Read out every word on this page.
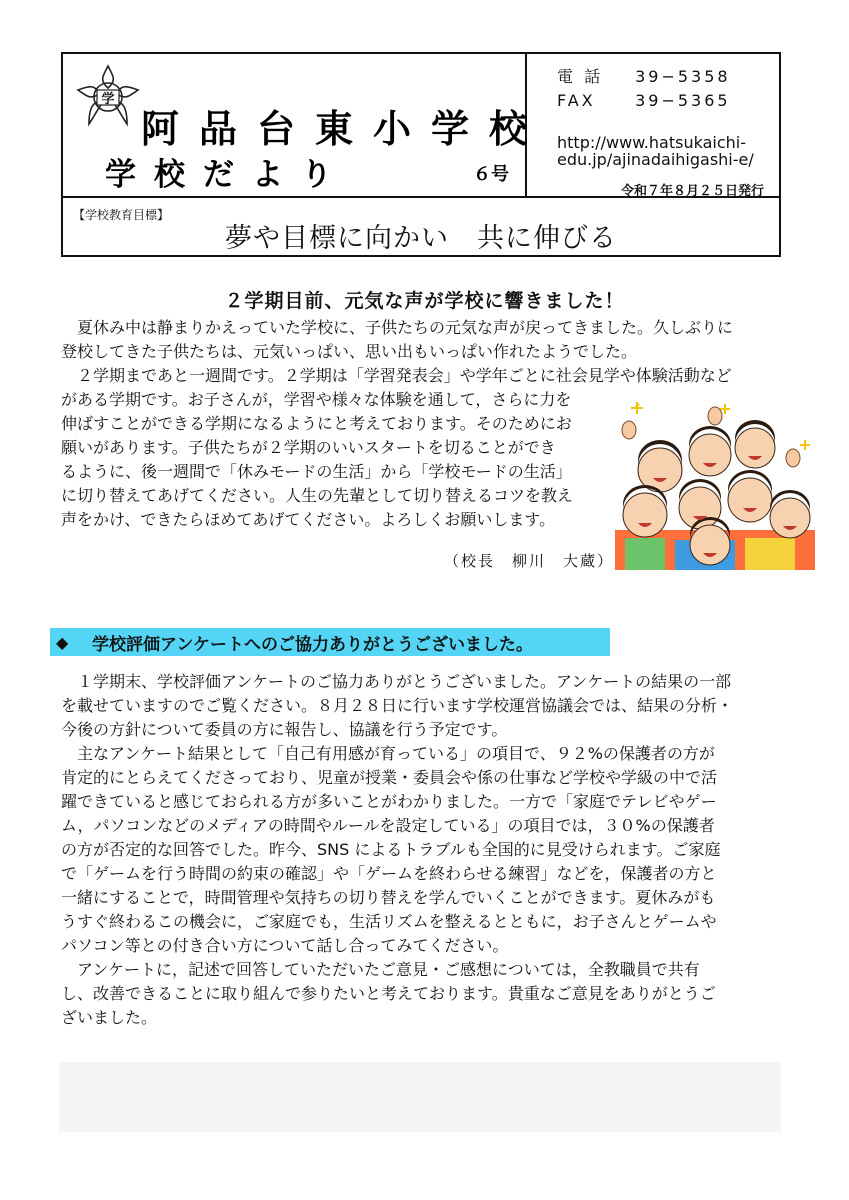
学
阿品台東小学校
学校だより	６号
電 話 39−5358
FAX 39−5365
http://www.hatsukaichi-
edu.jp/ajinadaihigashi-e/
令和７年８月２５日発行
【学校教育目標】
夢や目標に向かい　共に伸びる
２学期目前、元気な声が学校に響きました！
　夏休み中は静まりかえっていた学校に、子供たちの元気な声が戻ってきました。久しぶりに
登校してきた子供たちは、元気いっぱい、思い出もいっぱい作れたようでした。
　２学期まであと一週間です。２学期は「学習発表会」や学年ごとに社会見学や体験活動など
がある学期です。お子さんが，学習や様々な体験を通して，さらに力を
伸ばすことができる学期になるようにと考えております。そのためにお
願いがあります。子供たちが２学期のいいスタートを切ることができ
るように、後一週間で「休みモードの生活」から「学校モードの生活」
に切り替えてあげてください。人生の先輩として切り替えるコツを教え
声をかけ、できたらほめてあげてください。よろしくお願いします。
（校長　柳川　大蔵）
◆	学校評価アンケートへのご協力ありがとうございました。
　１学期末、学校評価アンケートのご協力ありがとうございました。アンケートの結果の一部
を載せていますのでご覧ください。８月２８日に行います学校運営協議会では、結果の分析・
今後の方針について委員の方に報告し、協議を行う予定です。
　主なアンケート結果として「自己有用感が育っている」の項目で、９２%の保護者の方が
肯定的にとらえてくださっており、児童が授業・委員会や係の仕事など学校や学級の中で活
躍できていると感じておられる方が多いことがわかりました。一方で「家庭でテレビやゲー
ム，パソコンなどのメディアの時間やルールを設定している」の項目では，３０%の保護者
の方が否定的な回答でした。昨今、SNS によるトラブルも全国的に見受けられます。ご家庭
で「ゲームを行う時間の約束の確認」や「ゲームを終わらせる練習」などを，保護者の方と
一緒にすることで，時間管理や気持ちの切り替えを学んでいくことができます。夏休みがも
うすぐ終わるこの機会に，ご家庭でも，生活リズムを整えるとともに，お子さんとゲームや
パソコン等との付き合い方について話し合ってみてください。
　アンケートに，記述で回答していただいたご意見・ご感想については，全教職員で共有
し、改善できることに取り組んで参りたいと考えております。貴重なご意見をありがとうご
ざいました。
